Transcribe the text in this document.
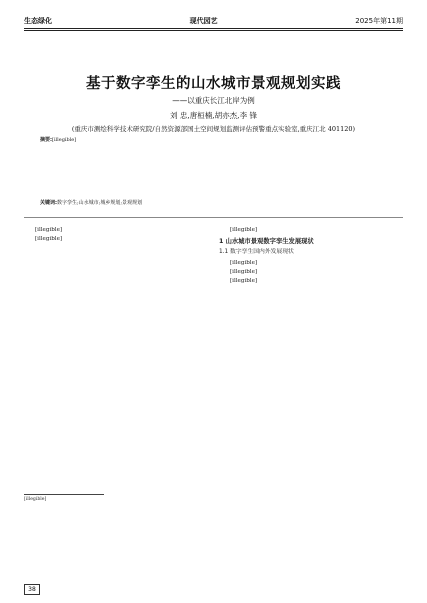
生态绿化	现代园艺	2025年第11期
基于数字孪生的山水城市景观规划实践
——以重庆长江北岸为例
刘 忠,唐桓楠,胡亦杰,李 锋
(重庆市测绘科学技术研究院/自然资源部国土空间规划监测评估预警重点实验室,重庆江北 401120)
摘要:[illegible]
关键词:数字孪生;山水城市;城乡规划;景观规划

[illegible]

[illegible]

[illegible]

[illegible]

1 山水城市景观数字孪生发展现状
1.1 数字孪生国内外发展现状

[illegible]

[illegible]

[illegible]

38
